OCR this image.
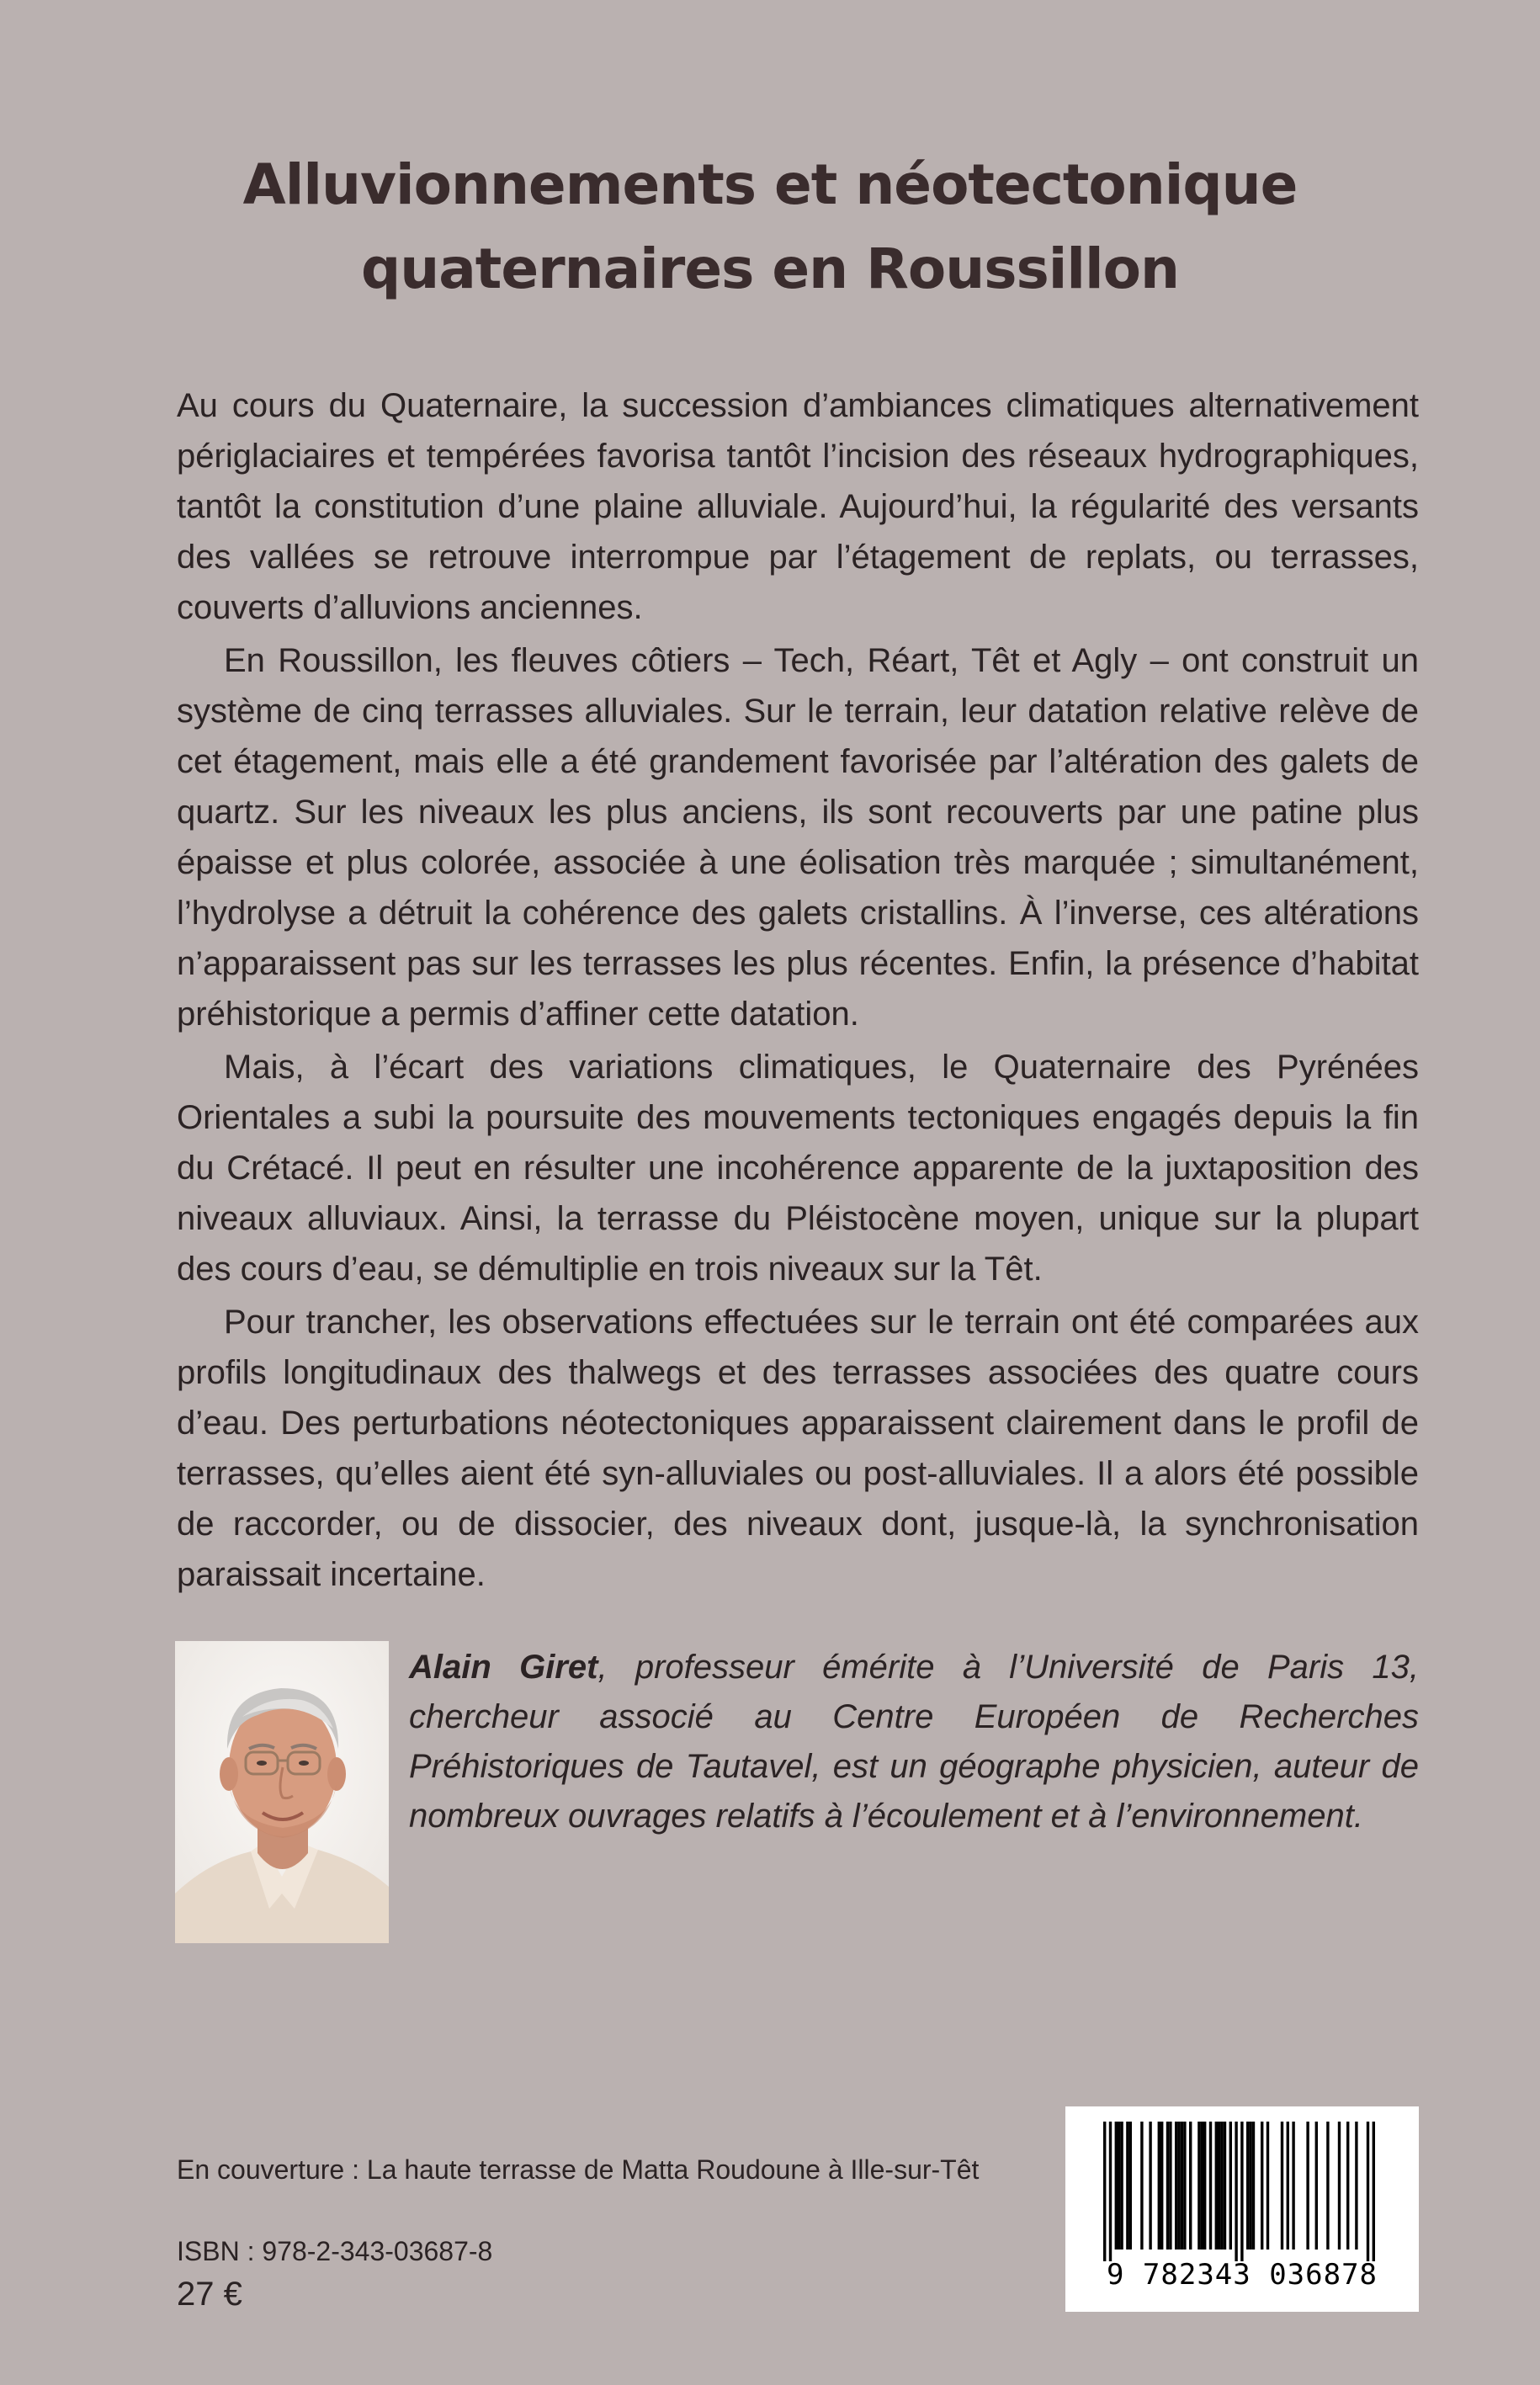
Alluvionnements et néotectonique
quaternaires en Roussillon

Au cours du Quaternaire, la succession d’ambiances climatiques alternativement périglaciaires et tempérées favorisa tantôt l’incision des réseaux hydrographiques, tantôt la constitution d’une plaine alluviale. Aujourd’hui, la régularité des versants des vallées se retrouve interrompue par l’étagement de replats, ou terrasses, couverts d’alluvions anciennes.

En Roussillon, les fleuves côtiers – Tech, Réart, Têt et Agly – ont construit un système de cinq terrasses alluviales. Sur le terrain, leur datation relative relève de cet étagement, mais elle a été grandement favorisée par l’altération des galets de quartz. Sur les niveaux les plus anciens, ils sont recouverts par une patine plus épaisse et plus colorée, associée à une éolisation très marquée ; simultanément, l’hydrolyse a détruit la cohérence des galets cristallins. À l’inverse, ces altérations n’apparaissent pas sur les terrasses les plus récentes. Enfin, la présence d’habitat préhistorique a permis d’affiner cette datation.

Mais, à l’écart des variations climatiques, le Quaternaire des Pyrénées Orientales a subi la poursuite des mouvements tectoniques engagés depuis la fin du Crétacé. Il peut en résulter une incohérence apparente de la juxtaposition des niveaux alluviaux. Ainsi, la terrasse du Pléistocène moyen, unique sur la plupart des cours d’eau, se démultiplie en trois niveaux sur la Têt.

Pour trancher, les observations effectuées sur le terrain ont été comparées aux profils longitudinaux des thalwegs et des terrasses associées des quatre cours d’eau. Des perturbations néotectoniques apparaissent clairement dans le profil de terrasses, qu’elles aient été syn-alluviales ou post-alluviales. Il a alors été possible de raccorder, ou de dissocier, des niveaux dont, jusque-là, la synchronisation paraissait incertaine.

Alain Giret, professeur émérite à l’Université de Paris 13, chercheur associé au Centre Européen de Recherches Préhistoriques de Tautavel, est un géographe physicien, auteur de nombreux ouvrages relatifs à l’écoulement et à l’environnement.
En couverture : La haute terrasse de Matta Roudoune à Ille-sur-Têt
ISBN : 978-2-343-03687-8
27 €
9 782343 036878
